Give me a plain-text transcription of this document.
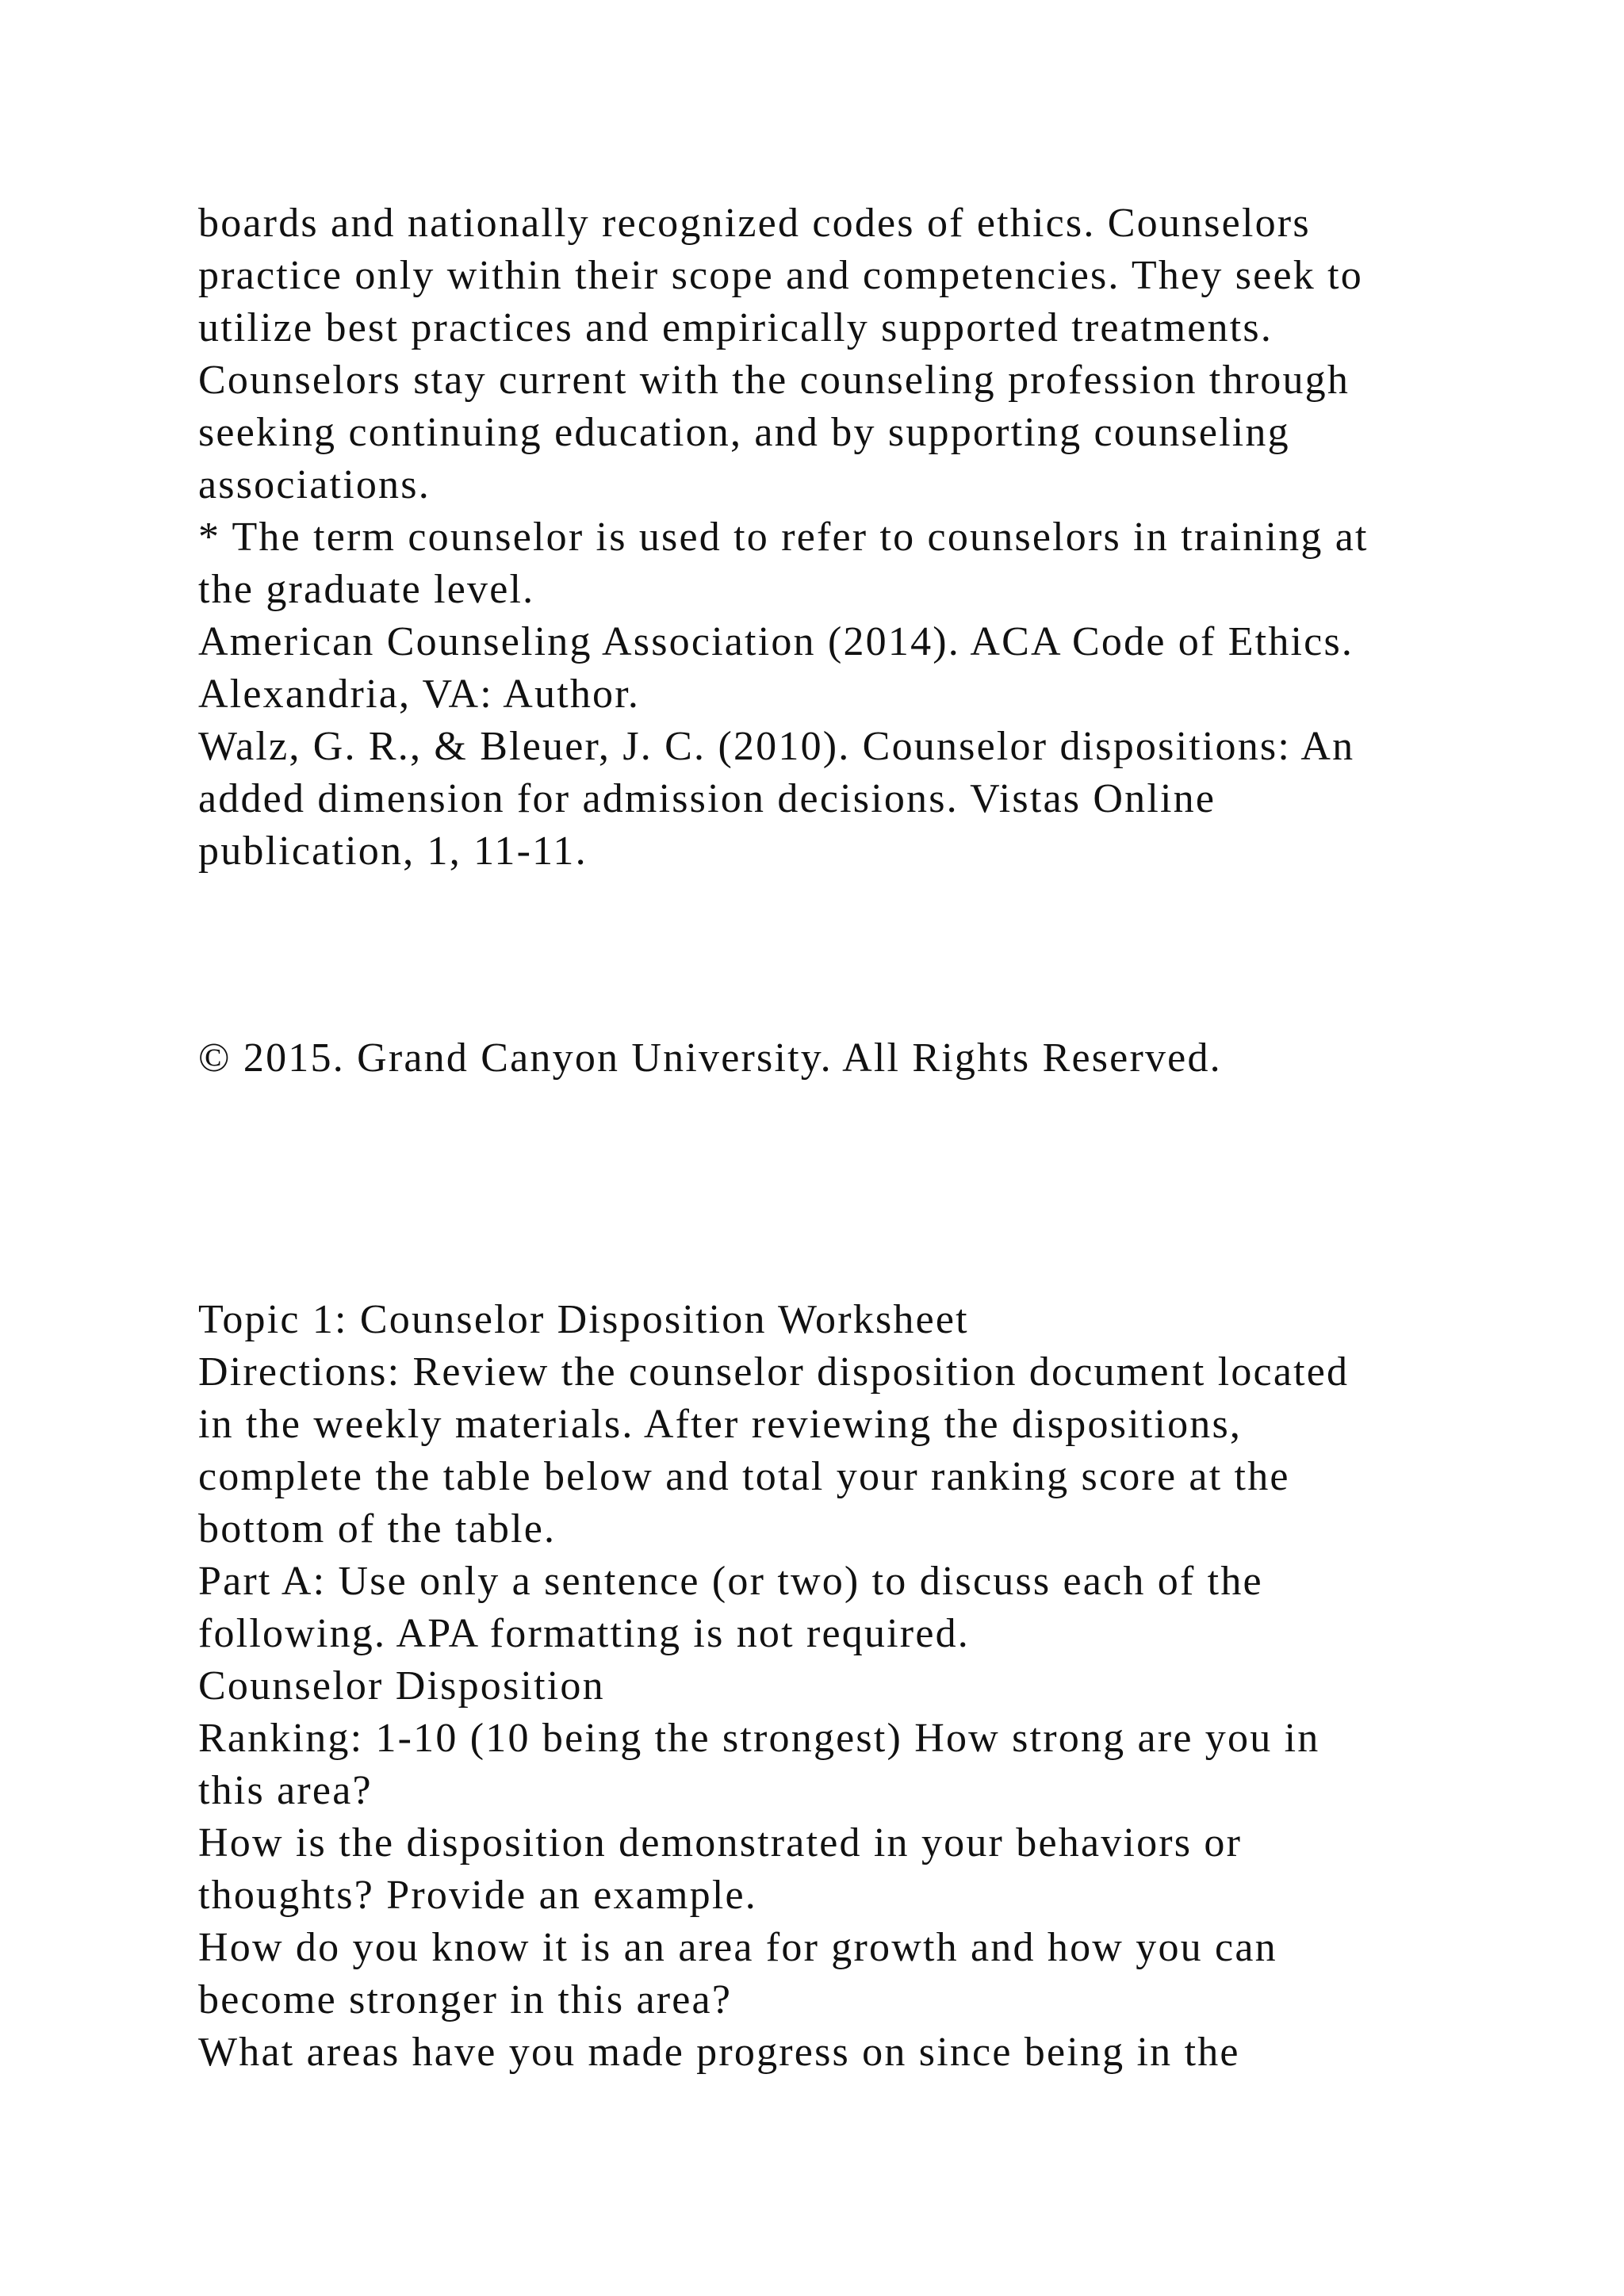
boards and nationally recognized codes of ethics. Counselors

practice only within their scope and competencies. They seek to

utilize best practices and empirically supported treatments.

Counselors stay current with the counseling profession through

seeking continuing education, and by supporting counseling

associations.

* The term counselor is used to refer to counselors in training at

the graduate level.

American Counseling Association (2014). ACA Code of Ethics.

Alexandria, VA: Author.

Walz, G. R., & Bleuer, J. C. (2010). Counselor dispositions: An

added dimension for admission decisions. Vistas Online

publication, 1, 11-11.

© 2015. Grand Canyon University. All Rights Reserved.

Topic 1: Counselor Disposition Worksheet

Directions: Review the counselor disposition document located

in the weekly materials. After reviewing the dispositions,

complete the table below and total your ranking score at the

bottom of the table.

Part A: Use only a sentence (or two) to discuss each of the

following. APA formatting is not required.

Counselor Disposition

Ranking: 1-10 (10 being the strongest) How strong are you in

this area?

How is the disposition demonstrated in your behaviors or

thoughts? Provide an example.

How do you know it is an area for growth and how you can

become stronger in this area?

What areas have you made progress on since being in the
